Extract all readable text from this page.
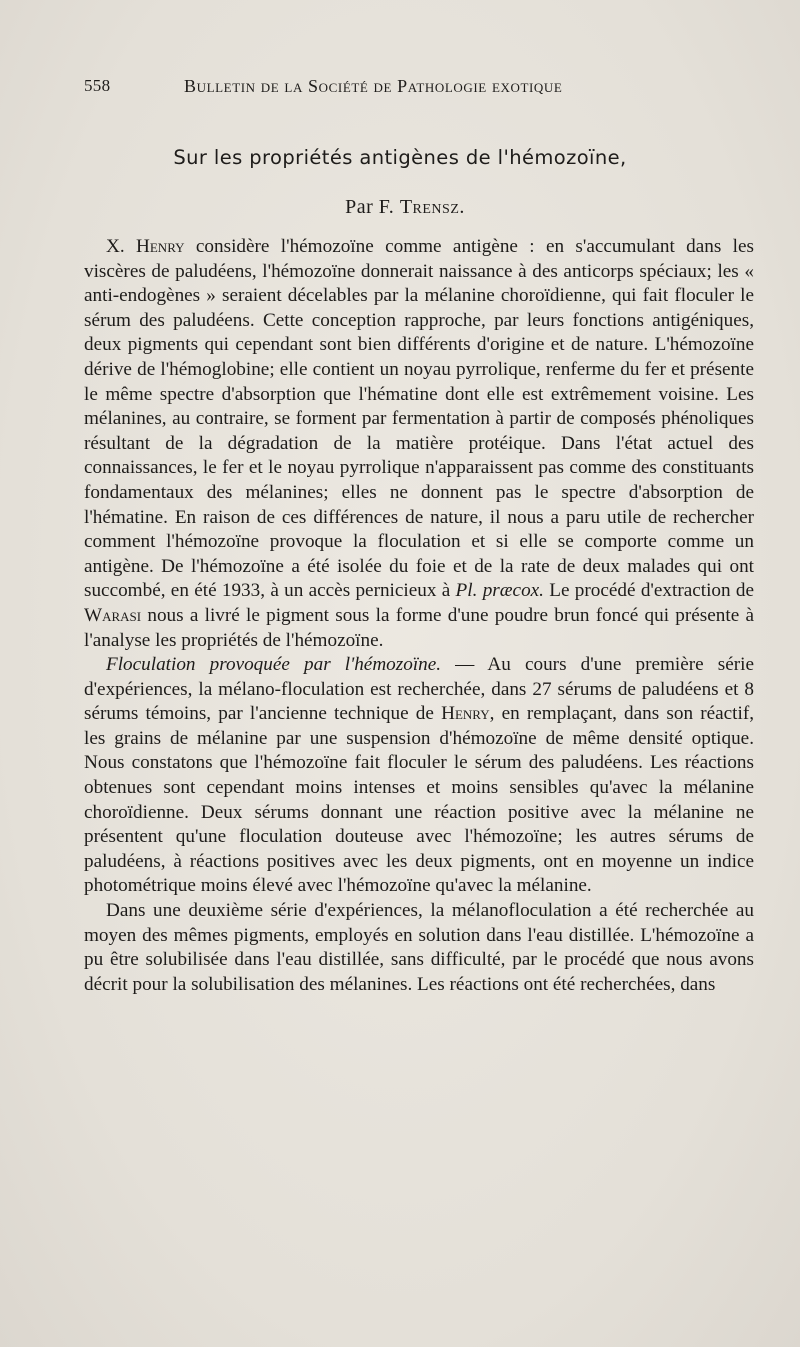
558	Bulletin de la Société de Pathologie exotique
Sur les propriétés antigènes de l'hémozoïne,
Par F. Trensz.

X. Henry considère l'hémozoïne comme antigène : en s'accumulant dans les viscères de paludéens, l'hémozoïne donnerait naissance à des anticorps spéciaux; les « anti-endogènes » seraient décelables par la mélanine choroïdienne, qui fait floculer le sérum des paludéens. Cette conception rapproche, par leurs fonctions antigéniques, deux pigments qui cependant sont bien différents d'origine et de nature. L'hémozoïne dérive de l'hémoglobine; elle contient un noyau pyrrolique, renferme du fer et présente le même spectre d'absorption que l'hématine dont elle est extrêmement voisine. Les mélanines, au contraire, se forment par fermentation à partir de composés phénoliques résultant de la dégradation de la matière protéique. Dans l'état actuel des connaissances, le fer et le noyau pyrrolique n'apparaissent pas comme des constituants fondamentaux des mélanines; elles ne donnent pas le spectre d'absorption de l'hématine. En raison de ces différences de nature, il nous a paru utile de rechercher comment l'hémozoïne provoque la floculation et si elle se comporte comme un antigène. De l'hémozoïne a été isolée du foie et de la rate de deux malades qui ont succombé, en été 1933, à un accès pernicieux à Pl. præcox. Le procédé d'extraction de Warasi nous a livré le pigment sous la forme d'une poudre brun foncé qui présente à l'analyse les propriétés de l'hémozoïne.

Floculation provoquée par l'hémozoïne. — Au cours d'une première série d'expériences, la mélano-floculation est recherchée, dans 27 sérums de paludéens et 8 sérums témoins, par l'ancienne technique de Henry, en remplaçant, dans son réactif, les grains de mélanine par une suspension d'hémozoïne de même densité optique. Nous constatons que l'hémozoïne fait floculer le sérum des paludéens. Les réactions obtenues sont cependant moins intenses et moins sensibles qu'avec la mélanine choroïdienne. Deux sérums donnant une réaction positive avec la mélanine ne présentent qu'une floculation douteuse avec l'hémozoïne; les autres sérums de paludéens, à réactions positives avec les deux pigments, ont en moyenne un indice photométrique moins élevé avec l'hémozoïne qu'avec la mélanine.

Dans une deuxième série d'expériences, la mélanofloculation a été recherchée au moyen des mêmes pigments, employés en solution dans l'eau distillée. L'hémozoïne a pu être solubilisée dans l'eau distillée, sans difficulté, par le procédé que nous avons décrit pour la solubilisation des mélanines. Les réactions ont été recherchées, dans
